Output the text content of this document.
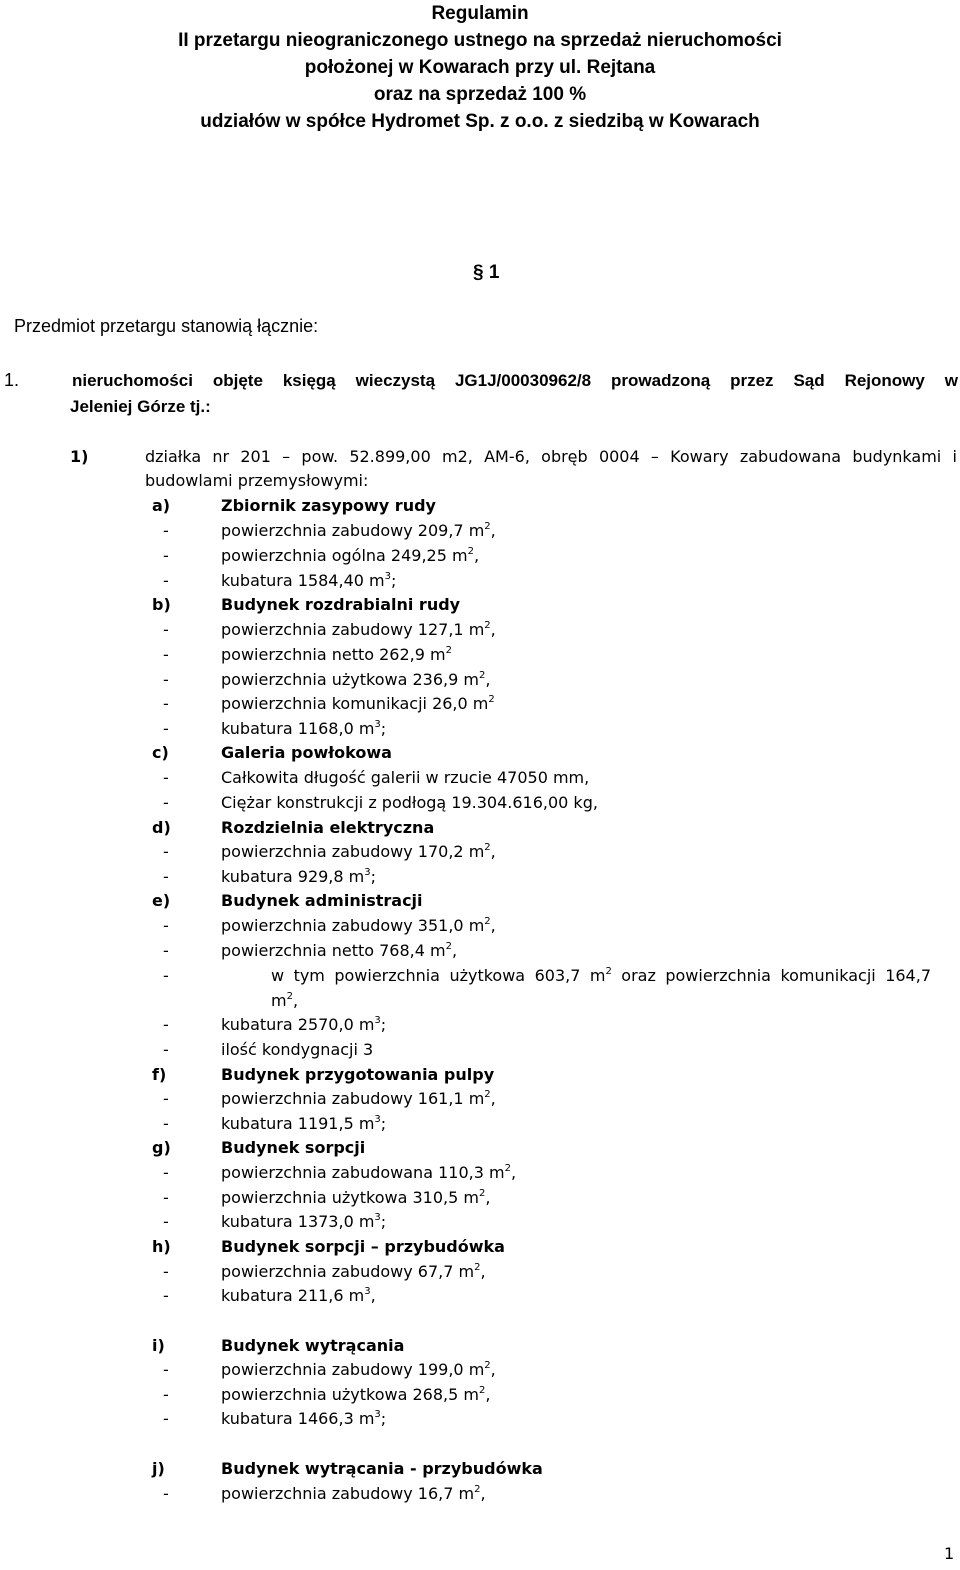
Regulamin
II przetargu nieograniczonego ustnego na sprzedaż nieruchomości
położonej w Kowarach przy ul. Rejtana
oraz na sprzedaż 100 %
udziałów w spółce Hydromet Sp. z o.o. z siedzibą w Kowarach
§ 1
Przedmiot przetargu stanowią łącznie:
1.	nieruchomości objęte księgą wieczystą JG1J/00030962/8 prowadzoną przez Sąd Rejonowy w
Jeleniej Górze tj.:
1)	działka nr 201 – pow. 52.899,00 m2, AM-6, obręb 0004 – Kowary zabudowana budynkami i
budowlami przemysłowymi:
a)	Zbiornik zasypowy rudy
-	powierzchnia zabudowy 209,7 $m^2$,
-	powierzchnia ogólna 249,25 $m^2$,
-	kubatura 1584,40 $m^3$;
b)	Budynek rozdrabialni rudy
-	powierzchnia zabudowy 127,1 $m^2$,
-	powierzchnia netto 262,9 $m^2$
-	powierzchnia użytkowa 236,9 $m^2$,
-	powierzchnia komunikacji 26,0 $m^2$
-	kubatura 1168,0 $m^3$;
c)	Galeria powłokowa
-	Całkowita długość galerii w rzucie 47050 mm,
-	Ciężar konstrukcji z podłogą 19.304.616,00 kg,
d)	Rozdzielnia elektryczna
-	powierzchnia zabudowy 170,2 $m^2$,
-	kubatura 929,8 $m^3$;
e)	Budynek administracji
-	powierzchnia zabudowy 351,0 $m^2$,
-	powierzchnia netto 768,4 $m^2$,
-	w tym powierzchnia użytkowa 603,7 $m^2$ oraz powierzchnia komunikacji 164,7
$m^2$,
-	kubatura 2570,0 $m^3$;
-	ilość kondygnacji 3
f)	Budynek przygotowania pulpy
-	powierzchnia zabudowy 161,1 $m^2$,
-	kubatura 1191,5 $m^3$;
g)	Budynek sorpcji
-	powierzchnia zabudowana 110,3 $m^2$,
-	powierzchnia użytkowa 310,5 $m^2$,
-	kubatura 1373,0 $m^3$;
h)	Budynek sorpcji – przybudówka
-	powierzchnia zabudowy 67,7 $m^2$,
-	kubatura 211,6 $m^3$,
i)	Budynek wytrącania
-	powierzchnia zabudowy 199,0 $m^2$,
-	powierzchnia użytkowa 268,5 $m^2$,
-	kubatura 1466,3 $m^3$;
j)	Budynek wytrącania - przybudówka
-	powierzchnia zabudowy 16,7 $m^2$,
1
